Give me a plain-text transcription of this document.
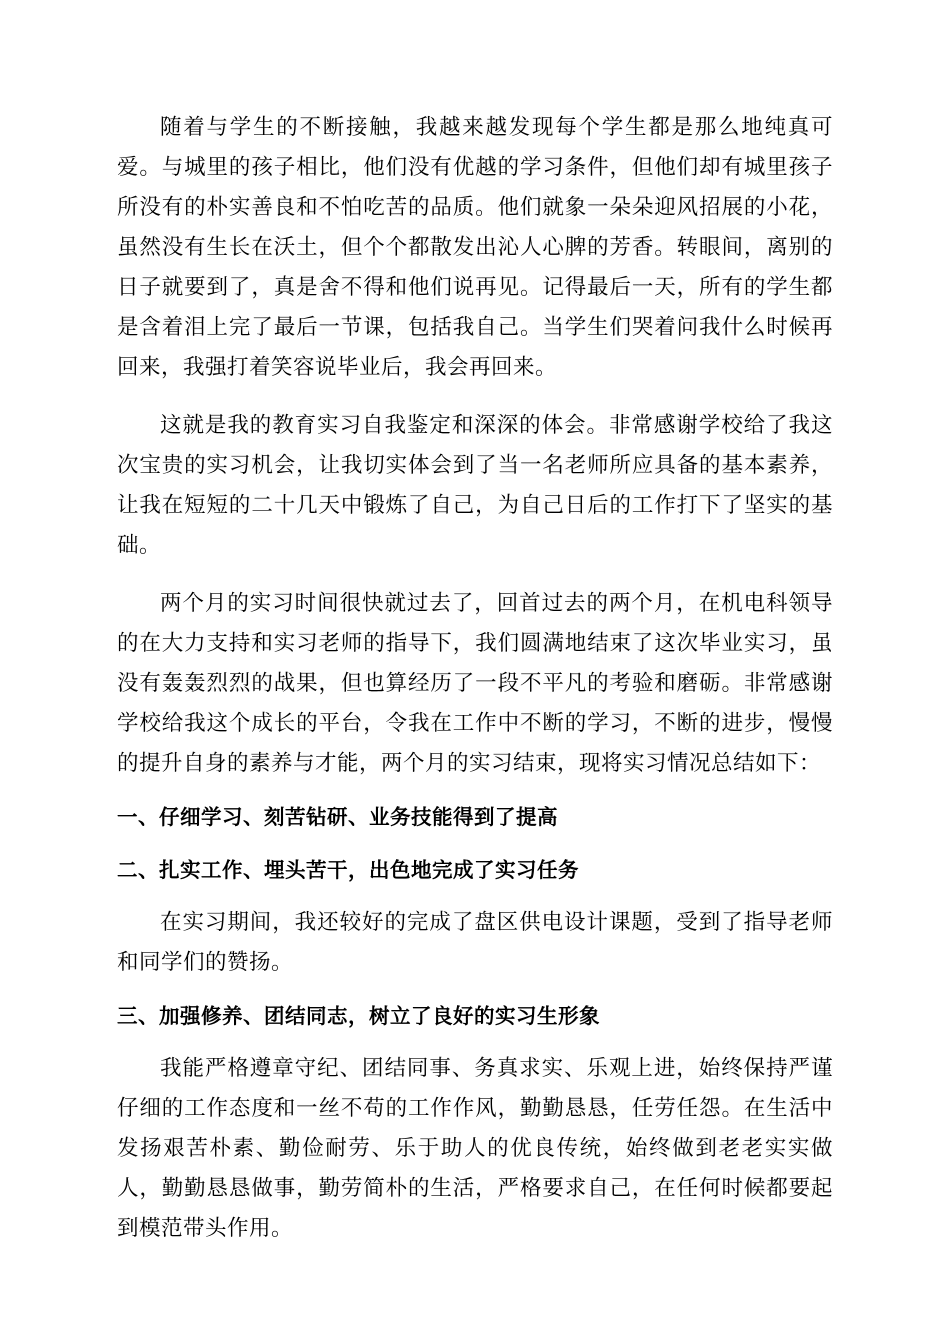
随着与学生的不断接触，我越来越发现每个学生都是那么地纯真可爱。与城里的孩子相比，他们没有优越的学习条件，但他们却有城里孩子所没有的朴实善良和不怕吃苦的品质。他们就象一朵朵迎风招展的小花，虽然没有生长在沃土，但个个都散发出沁人心脾的芳香。转眼间，离别的日子就要到了，真是舍不得和他们说再见。记得最后一天，所有的学生都是含着泪上完了最后一节课，包括我自己。当学生们哭着问我什么时候再回来，我强打着笑容说毕业后，我会再回来。

这就是我的教育实习自我鉴定和深深的体会。非常感谢学校给了我这次宝贵的实习机会，让我切实体会到了当一名老师所应具备的基本素养，让我在短短的二十几天中锻炼了自己，为自己日后的工作打下了坚实的基础。

两个月的实习时间很快就过去了，回首过去的两个月，在机电科领导的在大力支持和实习老师的指导下，我们圆满地结束了这次毕业实习，虽没有轰轰烈烈的战果，但也算经历了一段不平凡的考验和磨砺。非常感谢学校给我这个成长的平台，令我在工作中不断的学习，不断的进步，慢慢的提升自身的素养与才能，两个月的实习结束，现将实习情况总结如下：

一、仔细学习、刻苦钻研、业务技能得到了提高

二、扎实工作、埋头苦干，出色地完成了实习任务

在实习期间，我还较好的完成了盘区供电设计课题，受到了指导老师和同学们的赞扬。

三、加强修养、团结同志，树立了良好的实习生形象

我能严格遵章守纪、团结同事、务真求实、乐观上进，始终保持严谨仔细的工作态度和一丝不苟的工作作风，勤勤恳恳，任劳任怨。在生活中发扬艰苦朴素、勤俭耐劳、乐于助人的优良传统，始终做到老老实实做人，勤勤恳恳做事，勤劳简朴的生活，严格要求自己，在任何时候都要起到模范带头作用。
